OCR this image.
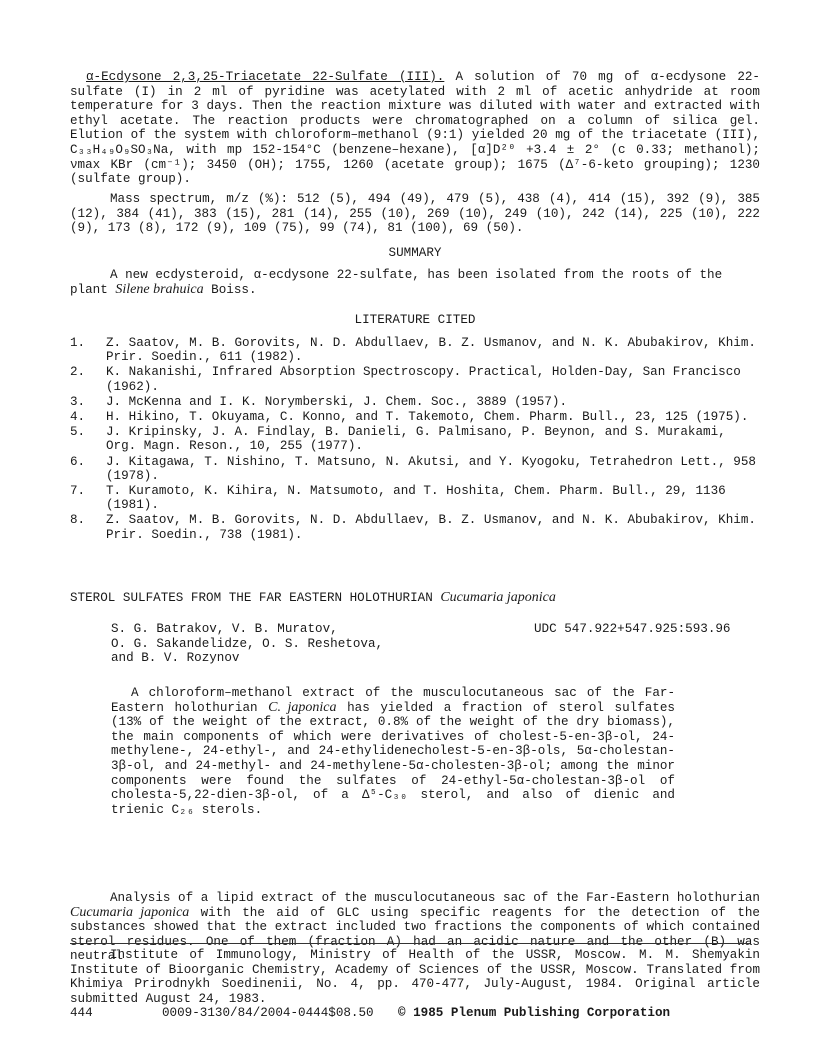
α-Ecdysone 2,3,25-Triacetate 22-Sulfate (III). A solution of 70 mg of α-ecdysone 22-sulfate (I) in 2 ml of pyridine was acetylated with 2 ml of acetic anhydride at room temperature for 3 days. Then the reaction mixture was diluted with water and extracted with ethyl acetate. The reaction products were chromatographed on a column of silica gel. Elution of the system with chloroform–methanol (9:1) yielded 20 mg of the triacetate (III), C₃₃H₄₉O₉SO₃Na, with mp 152-154°C (benzene–hexane), [α]D²⁰ +3.4 ± 2° (c 0.33; methanol); νmax KBr (cm⁻¹); 3450 (OH); 1755, 1260 (acetate group); 1675 (Δ⁷-6-keto grouping); 1230 (sulfate group).
Mass spectrum, m/z (%): 512 (5), 494 (49), 479 (5), 438 (4), 414 (15), 392 (9), 385 (12), 384 (41), 383 (15), 281 (14), 255 (10), 269 (10), 249 (10), 242 (14), 225 (10), 222 (9), 173 (8), 172 (9), 109 (75), 99 (74), 81 (100), 69 (50).
SUMMARY
A new ecdysteroid, α-ecdysone 22-sulfate, has been isolated from the roots of the plant Silene brahuica Boiss.
LITERATURE CITED
1.	Z. Saatov, M. B. Gorovits, N. D. Abdullaev, B. Z. Usmanov, and N. K. Abubakirov, Khim. Prir. Soedin., 611 (1982).
2.	K. Nakanishi, Infrared Absorption Spectroscopy. Practical, Holden-Day, San Francisco (1962).
3.	J. McKenna and I. K. Norymberski, J. Chem. Soc., 3889 (1957).
4.	H. Hikino, T. Okuyama, C. Konno, and T. Takemoto, Chem. Pharm. Bull., 23, 125 (1975).
5.	J. Kripinsky, J. A. Findlay, B. Danieli, G. Palmisano, P. Beynon, and S. Murakami, Org. Magn. Reson., 10, 255 (1977).
6.	J. Kitagawa, T. Nishino, T. Matsuno, N. Akutsi, and Y. Kyogoku, Tetrahedron Lett., 958 (1978).
7.	T. Kuramoto, K. Kihira, N. Matsumoto, and T. Hoshita, Chem. Pharm. Bull., 29, 1136 (1981).
8.	Z. Saatov, M. B. Gorovits, N. D. Abdullaev, B. Z. Usmanov, and N. K. Abubakirov, Khim. Prir. Soedin., 738 (1981).
STEROL SULFATES FROM THE FAR EASTERN HOLOTHURIAN Cucumaria japonica
S. G. Batrakov, V. B. Muratov,
O. G. Sakandelidze, O. S. Reshetova,
and B. V. Rozynov
UDC 547.922+547.925:593.96
A chloroform–methanol extract of the musculocutaneous sac of the Far-Eastern holothurian C. japonica has yielded a fraction of sterol sulfates (13% of the weight of the extract, 0.8% of the weight of the dry biomass), the main components of which were derivatives of cholest-5-en-3β-ol, 24-methylene-, 24-ethyl-, and 24-ethylidenecholest-5-en-3β-ols, 5α-cholestan-3β-ol, and 24-methyl- and 24-methylene-5α-cholesten-3β-ol; among the minor components were found the sulfates of 24-ethyl-5α-cholestan-3β-ol of cholesta-5,22-dien-3β-ol, of a Δ⁵-C₃₀ sterol, and also of dienic and trienic C₂₆ sterols.
Analysis of a lipid extract of the musculocutaneous sac of the Far-Eastern holothurian Cucumaria japonica with the aid of GLC using specific reagents for the detection of the substances showed that the extract included two fractions the components of which contained sterol residues. One of them (fraction A) had an acidic nature and the other (B) was neutral
Institute of Immunology, Ministry of Health of the USSR, Moscow. M. M. Shemyakin Institute of Bioorganic Chemistry, Academy of Sciences of the USSR, Moscow. Translated from Khimiya Prirodnykh Soedinenii, No. 4, pp. 470-477, July-August, 1984. Original article submitted August 24, 1983.
444	0009-3130/84/2004-0444$08.50 © 1985 Plenum Publishing Corporation
